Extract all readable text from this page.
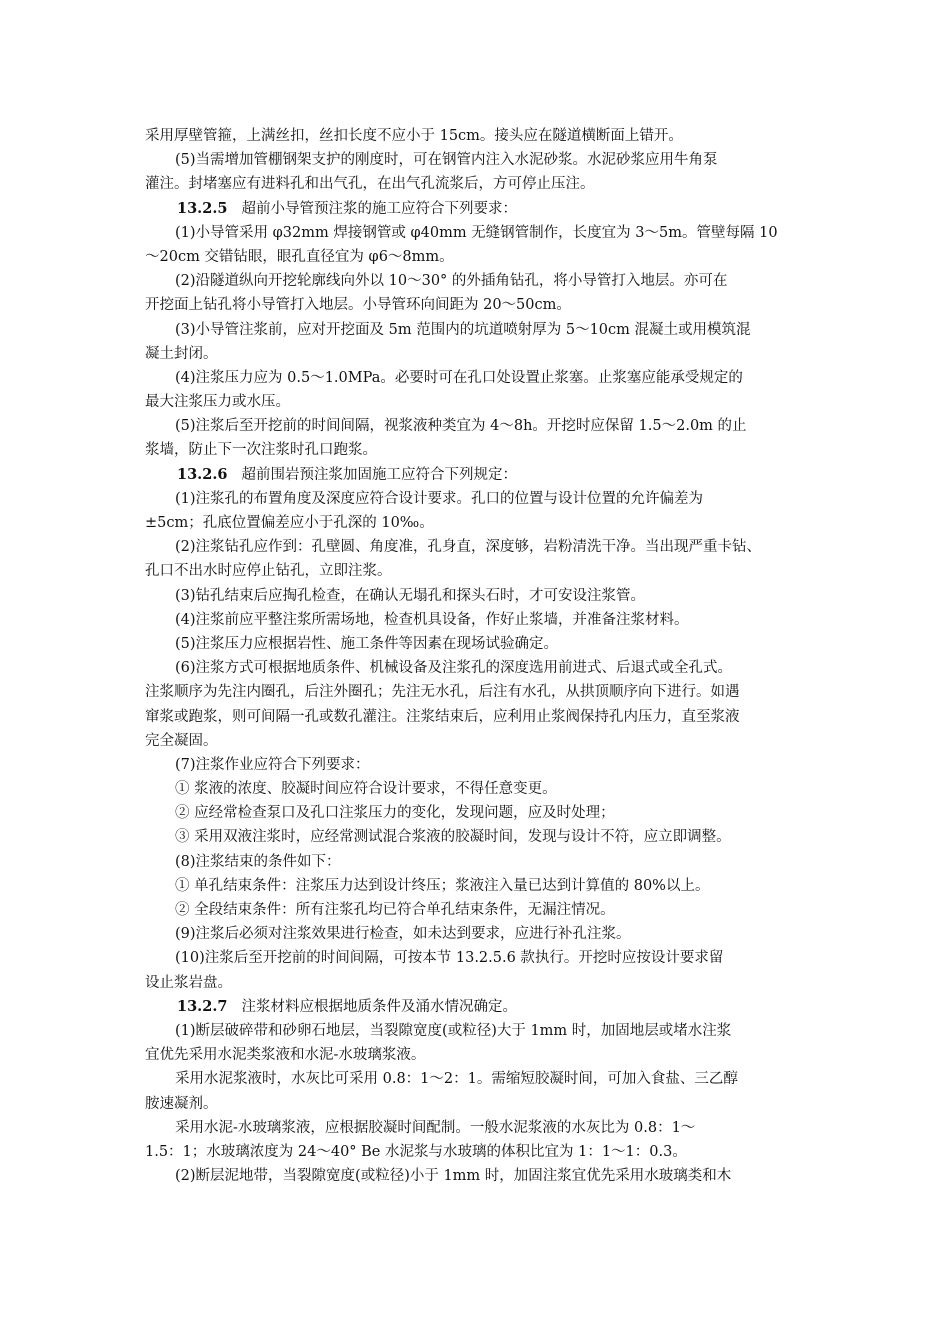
采用厚壁管箍，上满丝扣，丝扣长度不应小于 15cm。接头应在隧道横断面上错开。
(5)当需增加管棚钢架支护的刚度时，可在钢管内注入水泥砂浆。水泥砂浆应用牛角泵
灌注。封堵塞应有进料孔和出气孔，在出气孔流浆后，方可停止压注。
13.2.5 超前小导管预注浆的施工应符合下列要求：
(1)小导管采用 φ32mm 焊接钢管或 φ40mm 无缝钢管制作，长度宜为 3～5m。管壁每隔 10
～20cm 交错钻眼，眼孔直径宜为 φ6～8mm。
(2)沿隧道纵向开挖轮廓线向外以 10～30° 的外插角钻孔，将小导管打入地层。亦可在
开挖面上钻孔将小导管打入地层。小导管环向间距为 20～50cm。
(3)小导管注浆前，应对开挖面及 5m 范围内的坑道喷射厚为 5～10cm 混凝土或用模筑混
凝土封闭。
(4)注浆压力应为 0.5～1.0MPa。必要时可在孔口处设置止浆塞。止浆塞应能承受规定的
最大注浆压力或水压。
(5)注浆后至开挖前的时间间隔，视浆液种类宜为 4～8h。开挖时应保留 1.5～2.0m 的止
浆墙，防止下一次注浆时孔口跑浆。
13.2.6 超前围岩预注浆加固施工应符合下列规定：
(1)注浆孔的布置角度及深度应符合设计要求。孔口的位置与设计位置的允许偏差为
±5cm；孔底位置偏差应小于孔深的 10‰。
(2)注浆钻孔应作到：孔壁圆、角度准，孔身直，深度够，岩粉清洗干净。当出现严重卡钻、
孔口不出水时应停止钻孔，立即注浆。
(3)钻孔结束后应掏孔检查，在确认无塌孔和探头石时，才可安设注浆管。
(4)注浆前应平整注浆所需场地，检查机具设备，作好止浆墙，并准备注浆材料。
(5)注浆压力应根据岩性、施工条件等因素在现场试验确定。
(6)注浆方式可根据地质条件、机械设备及注浆孔的深度选用前进式、后退式或全孔式。
注浆顺序为先注内圈孔，后注外圈孔；先注无水孔，后注有水孔，从拱顶顺序向下进行。如遇
窜浆或跑浆，则可间隔一孔或数孔灌注。注浆结束后，应利用止浆阀保持孔内压力，直至浆液
完全凝固。
(7)注浆作业应符合下列要求：
① 浆液的浓度、胶凝时间应符合设计要求，不得任意变更。
② 应经常检查泵口及孔口注浆压力的变化，发现问题，应及时处理；
③ 采用双液注浆时，应经常测试混合浆液的胶凝时间，发现与设计不符，应立即调整。
(8)注浆结束的条件如下：
① 单孔结束条件：注浆压力达到设计终压；浆液注入量已达到计算值的 80%以上。
② 全段结束条件：所有注浆孔均已符合单孔结束条件，无漏注情况。
(9)注浆后必须对注浆效果进行检查，如未达到要求，应进行补孔注浆。
(10)注浆后至开挖前的时间间隔，可按本节 13.2.5.6 款执行。开挖时应按设计要求留
设止浆岩盘。
13.2.7 注浆材料应根据地质条件及涌水情况确定。
(1)断层破碎带和砂卵石地层，当裂隙宽度(或粒径)大于 1mm 时，加固地层或堵水注浆
宜优先采用水泥类浆液和水泥-水玻璃浆液。
采用水泥浆液时，水灰比可采用 0.8：1～2：1。需缩短胶凝时间，可加入食盐、三乙醇
胺速凝剂。
采用水泥-水玻璃浆液，应根据胶凝时间配制。一般水泥浆液的水灰比为 0.8：1～
1.5：1；水玻璃浓度为 24～40° Be 水泥浆与水玻璃的体积比宜为 1：1～1：0.3。
(2)断层泥地带，当裂隙宽度(或粒径)小于 1mm 时，加固注浆宜优先采用水玻璃类和木
